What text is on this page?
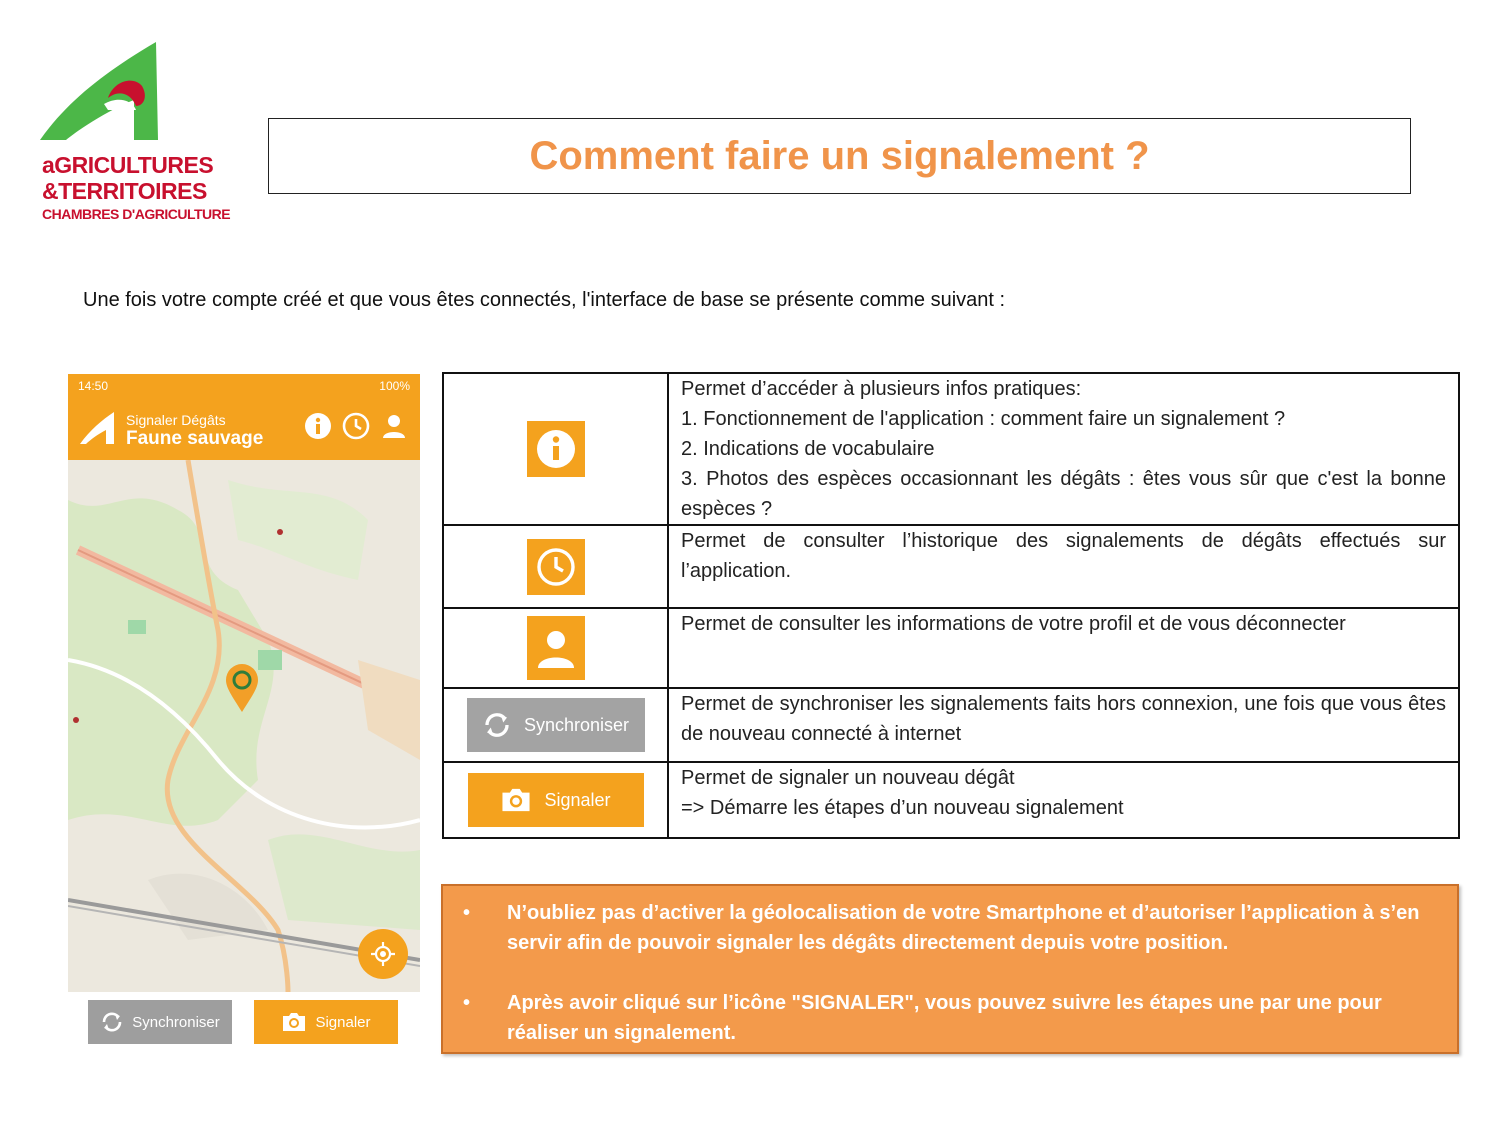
aGRICULTURES
&TERRITOIRES
CHAMBRES D'AGRICULTURE
Comment faire un signalement ?
Une fois votre compte créé et que vous êtes connectés, l'interface de base se présente comme suivant :
14:50	100%
Signaler Dégâts
Faune sauvage
Synchroniser	Signaler

Permet d’accéder à plusieurs infos pratiques:
1. Fonctionnement de l'application : comment faire un signalement ?
2. Indications de vocabulaire
3. Photos des espèces occasionnant les dégâts : êtes vous sûr que c'est la bonne espèces ?

Permet de consulter l’historique des signalements de dégâts effectués sur l’application.

Permet de consulter les informations de votre profil et de vous déconnecter

Synchroniser	Permet de synchroniser les signalements faits hors connexion, une fois que vous êtes de nouveau connecté à internet

Signaler	Permet de signaler un nouveau dégât
=> Démarre les étapes d’un nouveau signalement
•	N’oubliez pas d’activer la géolocalisation de votre Smartphone et d’autoriser l’application à s’en servir afin de pouvoir signaler les dégâts directement depuis votre position.
•	Après avoir cliqué sur l’icône "SIGNALER", vous pouvez suivre les étapes une par une pour réaliser un signalement.
